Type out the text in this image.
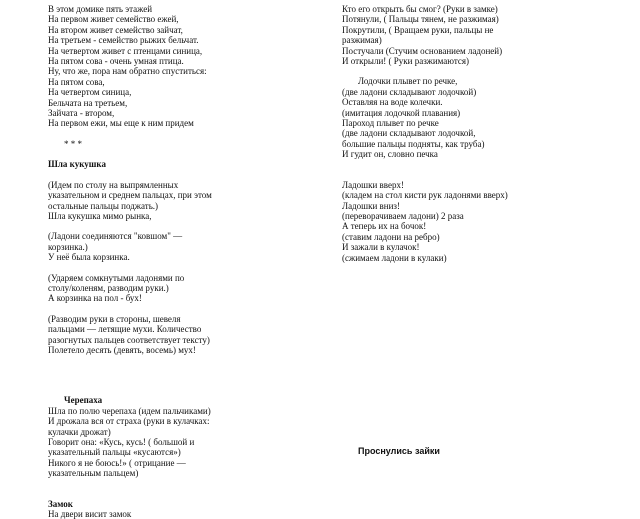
В этом домике пять этажей
На первом живет семейство ежей,
На втором живет семейство зайчат,
На третьем - семейство рыжих бельчат.
На четвертом живет с птенцами синица,
На пятом сова - очень умная птица.
Ну, что же, пора нам обратно спуститься:
На пятом сова,
На четвертом синица,
Бельчата на третьем,
Зайчата - втором,
На первом ежи, мы еще к ним придем
* * *
Шла кукушка
(Идем по столу на выпрямленных
указательном и среднем пальцах, при этом
остальные пальцы поджать.)
Шла кукушка мимо рынка,
(Ладони соединяются "ковшом" —
корзинка.)
У неё была корзинка.
(Ударяем сомкнутыми ладонями по
столу/коленям, разводим руки.)
А корзинка на пол - бух!
(Разводим руки в стороны, шевеля
пальцами — летящие мухи. Количество
разогнутых пальцев соответствует тексту)
Полетело десять (девять, восемь) мух!
Черепаха
Шла по полю черепаха (идем пальчиками)
И дрожала вся от страха (руки в кулачках:
кулачки дрожат)
Говорит она: «Кусь, кусь! ( большой и
указательный пальцы «кусаются»)
Никого я не боюсь!» ( отрицание —
указательным пальцем)
Замок
На двери висит замок
Кто его открыть бы смог? (Руки в замке)
Потянули, ( Пальцы тянем, не разжимая)
Покрутили, ( Вращаем руки, пальцы не
разжимая)
Постучали (Стучим основанием ладоней)
И открыли! ( Руки разжимаются)
Лодочки плывет по речке,
(две ладони складывают лодочкой)
Оставляя на воде колечки.
(имитация лодочкой плавания)
Пароход плывет по речке
(две ладони складывают лодочкой,
большие пальцы подняты, как труба)
И гудит он, словно печка
Ладошки вверх!
(кладем на стол кисти рук ладонями вверх)
Ладошки вниз!
(переворачиваем ладони) 2 раза
А теперь их на бочок!
(ставим ладони на ребро)
И зажали в кулачок!
(сжимаем ладони в кулаки)
Проснулись зайки
